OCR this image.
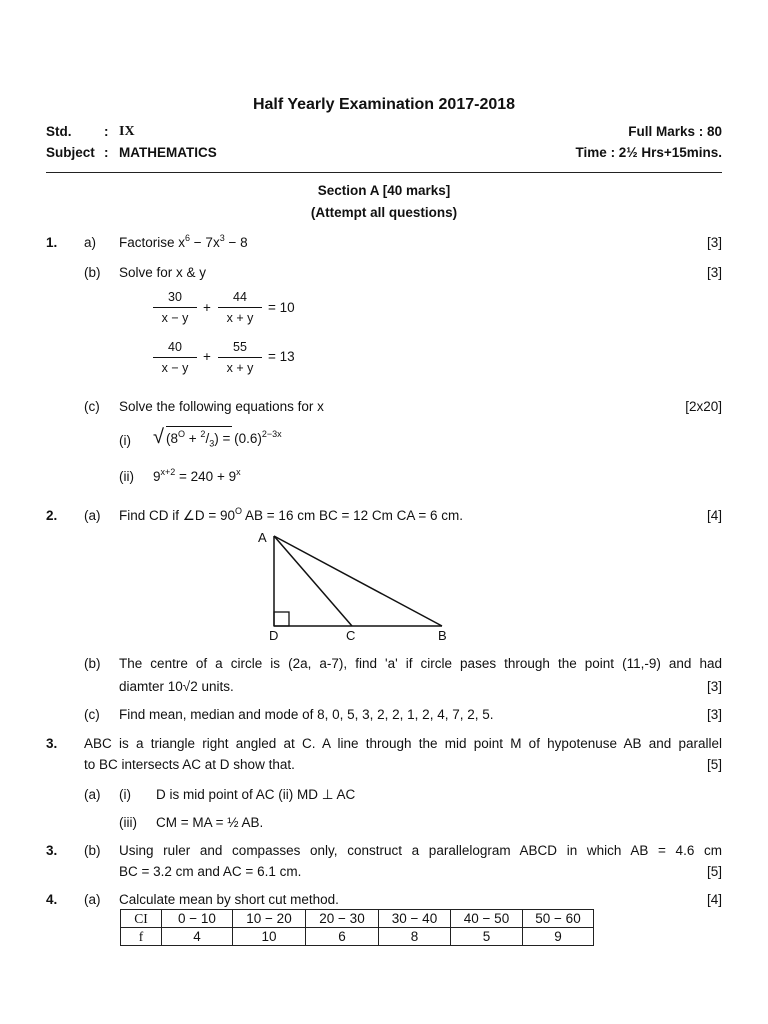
Half Yearly Examination 2017-2018
Std. : IX	Full Marks : 80
Subject : MATHEMATICS	Time : 2½ Hrs+15mins.
Section A [40 marks]
(Attempt all questions)
1. a) Factorise $x^6 - 7x^3 - 8$	[3]
(b) Solve for x & y	[3]
$\frac{30}{x - y} + \frac{44}{x + y} = 10$
$\frac{40}{x - y} + \frac{55}{x + y} = 13$
(c) Solve the following equations for x	[2x20]
(i) √ $(8^O + ^2/_3) = (0.6)^{2-3x}$
(ii) $9^{x+2} = 240 + 9^x$
2. (a) Find CD if ∠D = $90^O$ AB = 16 cm BC = 12 Cm CA = 6 cm.	[4]
A
D	C	B
(b) The centre of a circle is (2a, a-7), find 'a' if circle pases through the point (11,-9) and had
diamter 10√2 units.	[3]
(c) Find mean, median and mode of 8, 0, 5, 3, 2, 2, 1, 2, 4, 7, 2, 5.	[3]
3. ABC is a triangle right angled at C. A line through the mid point M of hypotenuse AB and parallel
to BC intersects AC at D show that.	[5]
(a) (i) D is mid point of AC (ii) MD ⊥ AC
(iii) CM = MA = ½ AB.
3. (b) Using ruler and compasses only, construct a parallelogram ABCD in which AB = 4.6 cm
BC = 3.2 cm and AC = 6.1 cm.	[5]
4. (a) Calculate mean by short cut method.	[4]
CI	0 − 10	10 − 20	20 − 30	30 − 40	40 − 50	50 − 60
f	4	10	6	8	5	9
